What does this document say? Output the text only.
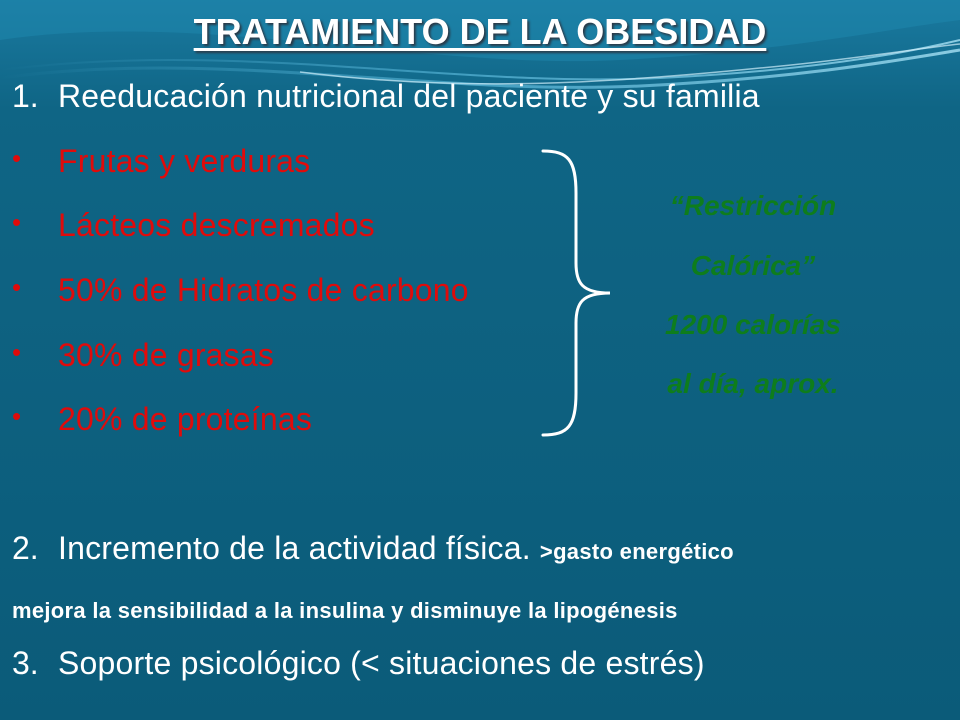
TRATAMIENTO DE LA OBESIDAD
1. Reeducación nutricional del paciente y su familia
• Frutas y verduras
• Lácteos descremados
• 50% de Hidratos de carbono
• 30% de grasas
• 20% de proteínas
“Restricción
Calórica”
1200 calorías
al día, aprox.
2. Incremento de la actividad física. >gasto energético
mejora la sensibilidad a la insulina y disminuye la lipogénesis
3. Soporte psicológico (< situaciones de estrés)
